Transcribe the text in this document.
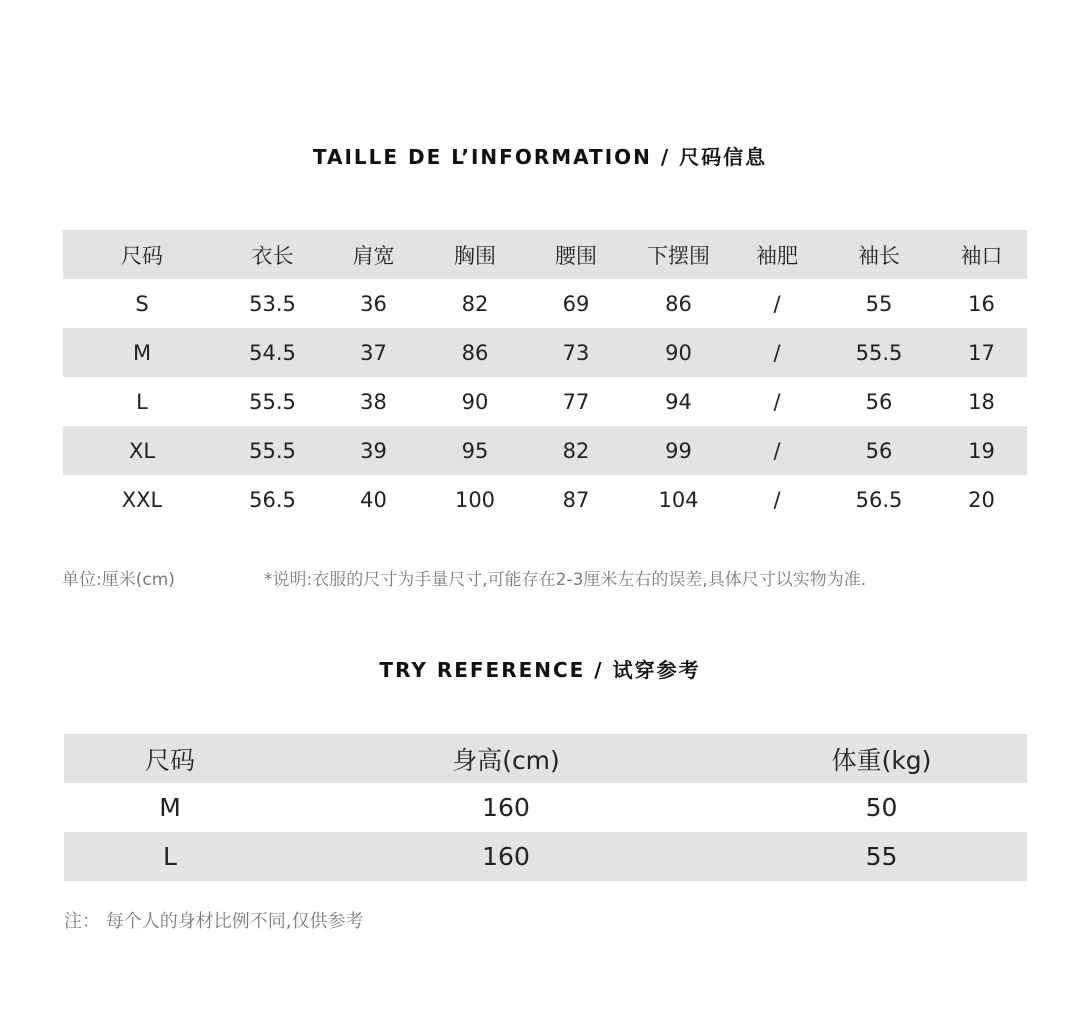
TAILLE DE L’INFORMATION / 尺码信息
尺码	衣长	肩宽	胸围	腰围	下摆围	袖肥	袖长	袖口
S	53.5	36	82	69	86	/	55	16
M	54.5	37	86	73	90	/	55.5	17
L	55.5	38	90	77	94	/	56	18
XL	55.5	39	95	82	99	/	56	19
XXL	56.5	40	100	87	104	/	56.5	20
单位:厘米(cm)	*说明:衣服的尺寸为手量尺寸,可能存在2-3厘米左右的误差,具体尺寸以实物为准.
TRY REFERENCE / 试穿参考
尺码	身高(cm)	体重(kg)
M	160	50
L	160	55
注： 每个人的身材比例不同,仅供参考
